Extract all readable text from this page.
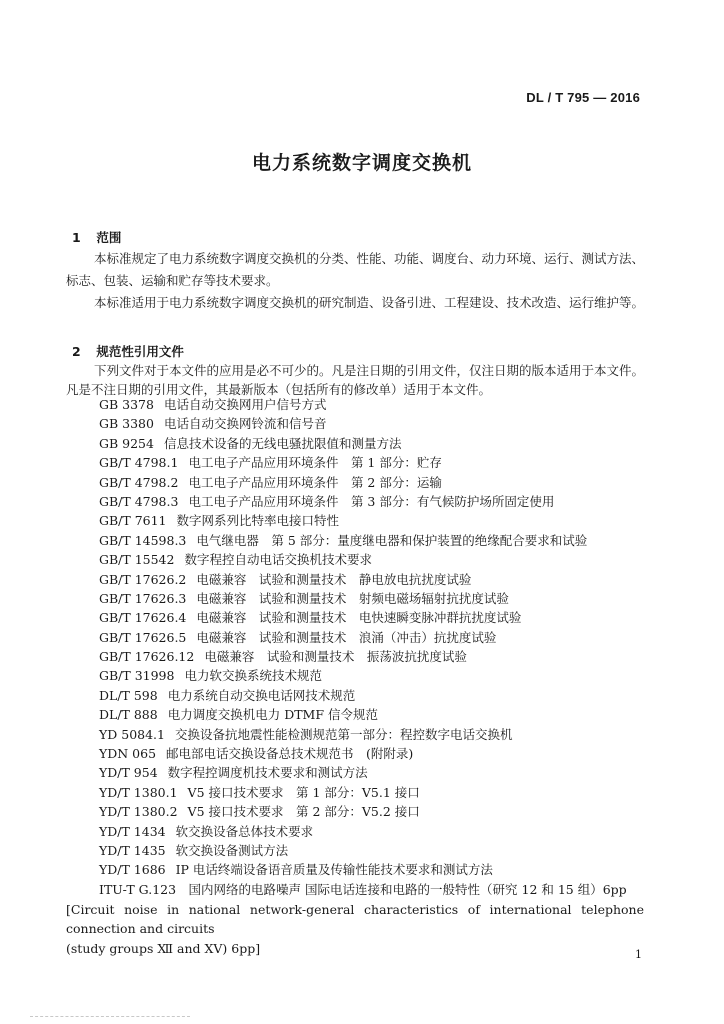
DL / T 795 — 2016
电力系统数字调度交换机
1 范围

本标准规定了电力系统数字调度交换机的分类、性能、功能、调度台、动力环境、运行、测试方法、标志、包装、运输和贮存等技术要求。

本标准适用于电力系统数字调度交换机的研究制造、设备引进、工程建设、技术改造、运行维护等。

2 规范性引用文件

下列文件对于本文件的应用是必不可少的。凡是注日期的引用文件，仅注日期的版本适用于本文件。凡是不注日期的引用文件，其最新版本（包括所有的修改单）适用于本文件。

GB 3378 电话自动交换网用户信号方式
GB 3380 电话自动交换网铃流和信号音
GB 9254 信息技术设备的无线电骚扰限值和测量方法
GB/T 4798.1 电工电子产品应用环境条件　第 1 部分：贮存
GB/T 4798.2 电工电子产品应用环境条件　第 2 部分：运输
GB/T 4798.3 电工电子产品应用环境条件　第 3 部分：有气候防护场所固定使用
GB/T 7611 数字网系列比特率电接口特性
GB/T 14598.3 电气继电器　第 5 部分：量度继电器和保护装置的绝缘配合要求和试验
GB/T 15542 数字程控自动电话交换机技术要求
GB/T 17626.2 电磁兼容　试验和测量技术　静电放电抗扰度试验
GB/T 17626.3 电磁兼容　试验和测量技术　射频电磁场辐射抗扰度试验
GB/T 17626.4 电磁兼容　试验和测量技术　电快速瞬变脉冲群抗扰度试验
GB/T 17626.5 电磁兼容　试验和测量技术　浪涌（冲击）抗扰度试验
GB/T 17626.12 电磁兼容　试验和测量技术　振荡波抗扰度试验
GB/T 31998 电力软交换系统技术规范
DL/T 598 电力系统自动交换电话网技术规范
DL/T 888 电力调度交换机电力 DTMF 信令规范
YD 5084.1 交换设备抗地震性能检测规范第一部分：程控数字电话交换机
YDN 065 邮电部电话交换设备总技术规范书　(附附录)
YD/T 954 数字程控调度机技术要求和测试方法
YD/T 1380.1 V5 接口技术要求　第 1 部分：V5.1 接口
YD/T 1380.2 V5 接口技术要求　第 2 部分：V5.2 接口
YD/T 1434 软交换设备总体技术要求
YD/T 1435 软交换设备测试方法
YD/T 1686 IP 电话终端设备语音质量及传输性能技术要求和测试方法
ITU-T G.123　国内网络的电路噪声 国际电话连接和电路的一般特性（研究 12 和 15 组）6pp
[Circuit noise in national network-general characteristics of international telephone connection and circuits
(study groups Ⅻ and XV) 6pp]	1
